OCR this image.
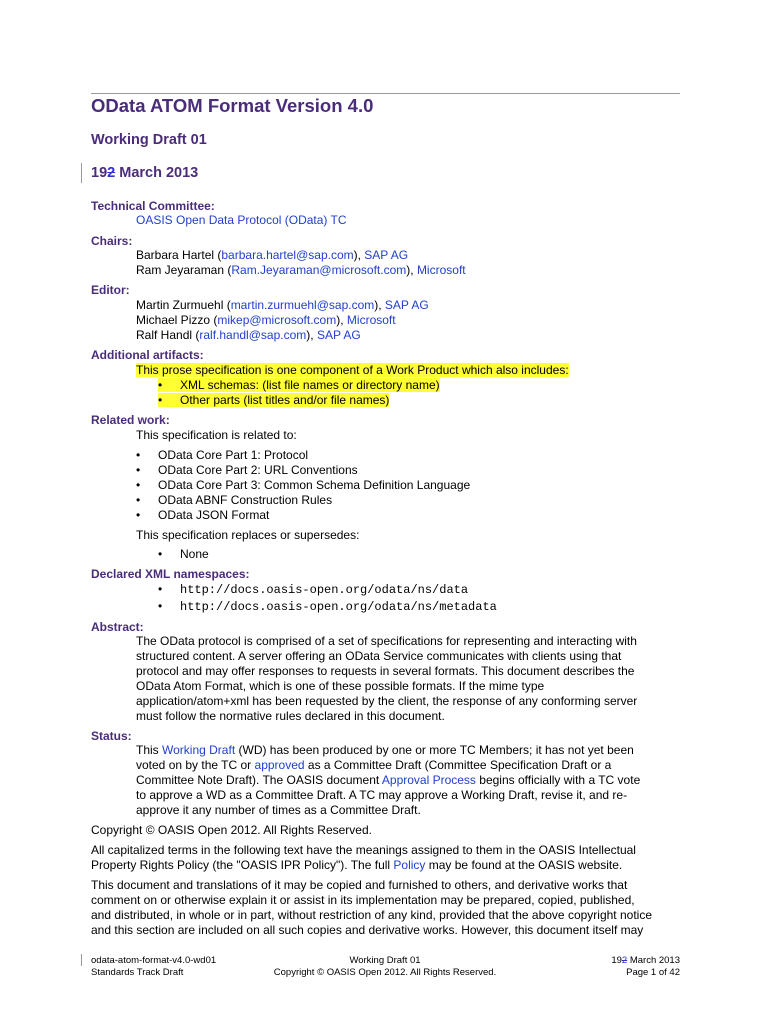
OData ATOM Format Version 4.0
Working Draft 01
192 March 2013
Technical Committee:
OASIS Open Data Protocol (OData) TC
Chairs:
Barbara Hartel (barbara.hartel@sap.com), SAP AG
Ram Jeyaraman (Ram.Jeyaraman@microsoft.com), Microsoft
Editor:
Martin Zurmuehl (martin.zurmuehl@sap.com), SAP AG
Michael Pizzo (mikep@microsoft.com), Microsoft
Ralf Handl (ralf.handl@sap.com), SAP AG
Additional artifacts:
This prose specification is one component of a Work Product which also includes:
• XML schemas: (list file names or directory name)
• Other parts (list titles and/or file names)
Related work:
This specification is related to:
• OData Core Part 1: Protocol
• OData Core Part 2: URL Conventions
• OData Core Part 3: Common Schema Definition Language
• OData ABNF Construction Rules
• OData JSON Format
This specification replaces or supersedes:
• None
Declared XML namespaces:
• http://docs.oasis-open.org/odata/ns/data
• http://docs.oasis-open.org/odata/ns/metadata
Abstract:
The OData protocol is comprised of a set of specifications for representing and interacting with
structured content. A server offering an OData Service communicates with clients using that
protocol and may offer responses to requests in several formats. This document describes the
OData Atom Format, which is one of these possible formats. If the mime type
application/atom+xml has been requested by the client, the response of any conforming server
must follow the normative rules declared in this document.
Status:
This Working Draft (WD) has been produced by one or more TC Members; it has not yet been
voted on by the TC or approved as a Committee Draft (Committee Specification Draft or a
Committee Note Draft). The OASIS document Approval Process begins officially with a TC vote
to approve a WD as a Committee Draft. A TC may approve a Working Draft, revise it, and re-
approve it any number of times as a Committee Draft.
Copyright © OASIS Open 2012. All Rights Reserved.
All capitalized terms in the following text have the meanings assigned to them in the OASIS Intellectual
Property Rights Policy (the "OASIS IPR Policy"). The full Policy may be found at the OASIS website.
This document and translations of it may be copied and furnished to others, and derivative works that
comment on or otherwise explain it or assist in its implementation may be prepared, copied, published,
and distributed, in whole or in part, without restriction of any kind, provided that the above copyright notice
and this section are included on all such copies and derivative works. However, this document itself may
odata-atom-format-v4.0-wd01
Standards Track Draft
Working Draft 01
Copyright © OASIS Open 2012. All Rights Reserved.
192 March 2013
Page 1 of 42
